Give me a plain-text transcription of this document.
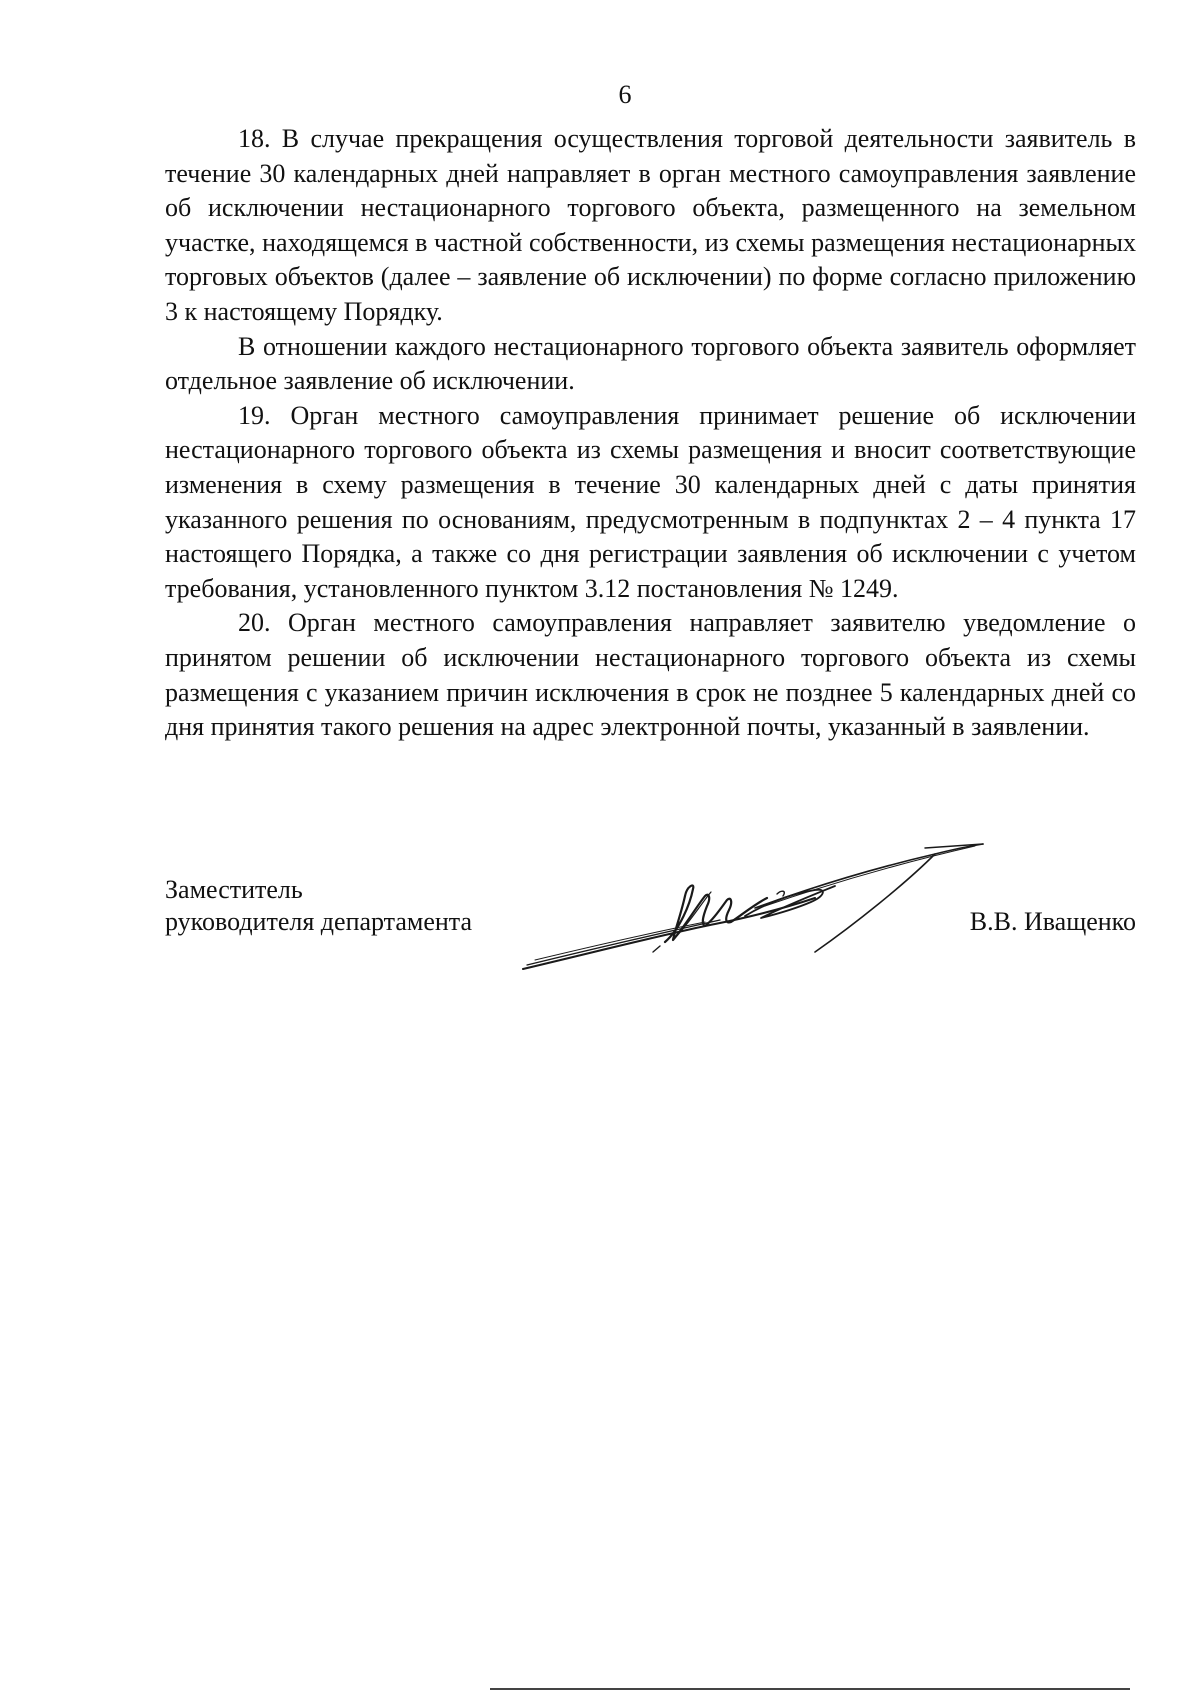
6

18. В случае прекращения осуществления торговой деятельности заявитель в течение 30 календарных дней направляет в орган местного самоуправления заявление об исключении нестационарного торгового объекта, размещенного на земельном участке, находящемся в частной собственности, из схемы размещения нестационарных торговых объектов (далее – заявление об исключении) по форме согласно приложению 3 к настоящему Порядку.

В отношении каждого нестационарного торгового объекта заявитель оформляет отдельное заявление об исключении.

19. Орган местного самоуправления принимает решение об исключении нестационарного торгового объекта из схемы размещения и вносит соответствующие изменения в схему размещения в течение 30 календарных дней с даты принятия указанного решения по основаниям, предусмотренным в подпунктах 2 – 4 пункта 17 настоящего Порядка, а также со дня регистрации заявления об исключении с учетом требования, установленного пунктом 3.12 постановления № 1249.

20. Орган местного самоуправления направляет заявителю уведомление о принятом решении об исключении нестационарного торгового объекта из схемы размещения с указанием причин исключения в срок не позднее 5 календарных дней со дня принятия такого решения на адрес электронной почты, указанный в заявлении.

Заместитель
руководителя департамента	В.В. Иващенко
